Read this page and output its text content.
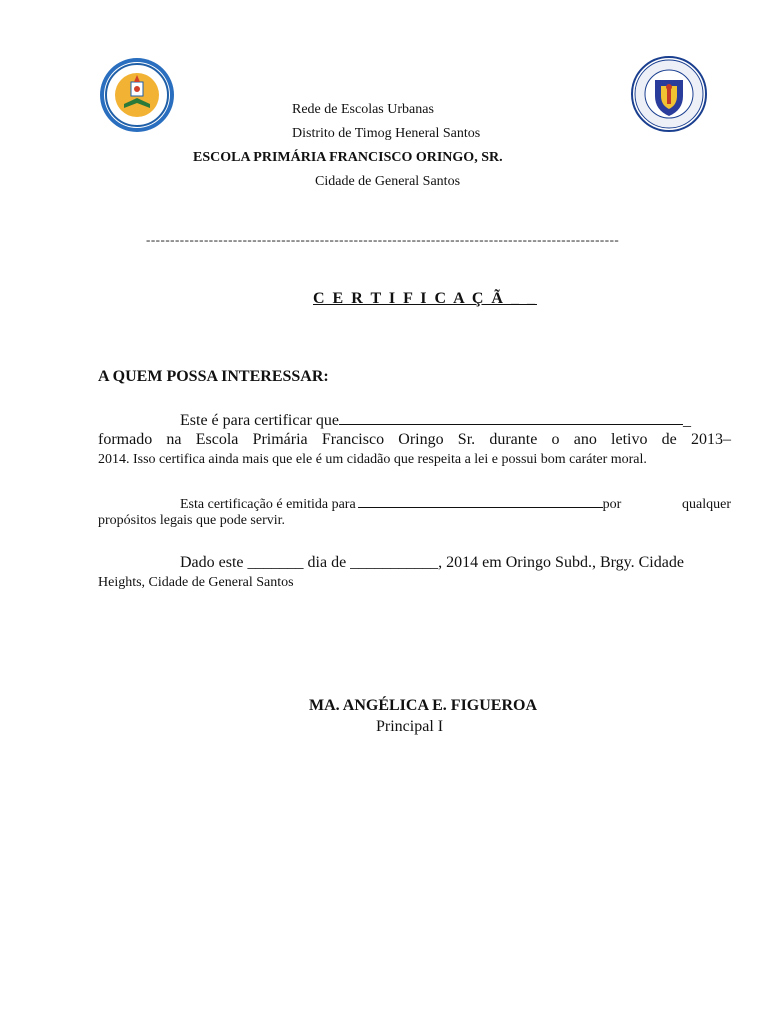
Rede de Escolas Urbanas
Distrito de Timog Heneral Santos
ESCOLA PRIMÁRIA FRANCISCO ORINGO, SR.
Cidade de General Santos
--------------------------------------------------------------------------------------------------
C E R T I F I C A Ç Ã _ _
A QUEM POSSA INTERESSAR:
Este é para certificar que	_
formado na Escola Primária Francisco Oringo Sr. durante o ano letivo de 2013–
2014. Isso certifica ainda mais que ele é um cidadão que respeita a lei e possui bom caráter moral.
Esta certificação é emitida para	por qualquer
propósitos legais que pode servir.
Dado este _______ dia de ___________, 2014 em Oringo Subd., Brgy. Cidade
Heights, Cidade de General Santos
MA. ANGÉLICA E. FIGUEROA
Principal I
